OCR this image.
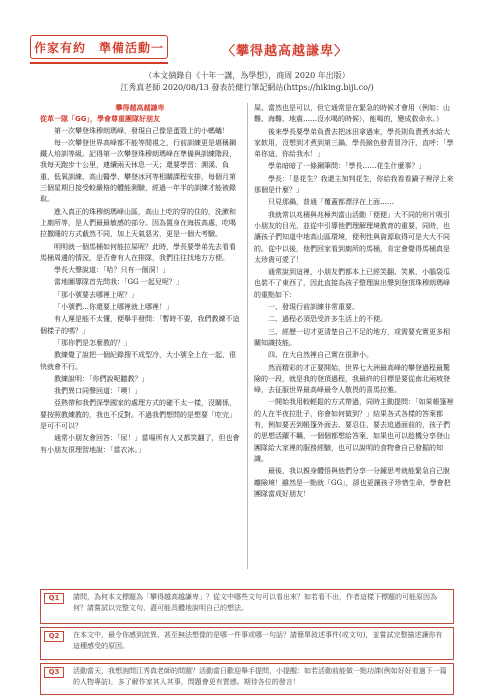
作家有約　準備活動一	〈攀得越高越謙卑〉
（本文摘錄自《十年一講，為學想》，商周 2020 年出版）
江秀真老師 2020/08/13 發表於健行筆記網站(https://hiking.biji.co/)
攀得越高越謙卑
從革一隊「GG」，學會尊重團隊好朋友

第一次攀登珠穆朗瑪峰，發現自己像是蛋殼上的小螞蟻！

每一次攀登世界高峰都不能等閒視之，行前訓練更是堪稱鋼鐵人培訓等級。記得第一次攀登珠穆朗瑪峰在準備與訓練階段，我每天跑步十公里，連續兩天休息一天；還要學習：溯溪、負重、低氧訓練、高山醫學、攀登冰河等相關課程安排，每個月第三個星期日接受較嚴格的體能測驗，經過一年半的訓練才能被錄取。

進入真正的珠穆朗瑪峰山區，高山上吃的穿的住的，洗漱和上廁所等，是人們最最敏感的部分。因為置身在海拔高處，吃喝拉撒睡的方式截然不同，加上天氣惡劣，更是一個大考驗。

明明就一個馬桶如何能拉屎呢？此時，學長要學弟先去看看馬桶周邊的情況，是否會有人在排隊，我們往往找地方方便。

學長大聲說道：「哈？只有一個洞！」

當地圖導隊首先問我：「GG 一起兒呢？」

「那小號要去哪裡上呢？」

「小號們…你還要上哪裡就上哪裡！」

有人遲是能不太懂，便舉手發問：「暫時不要，我們教練不這個樣子的嗎？」

「那你們是怎麼教的？」

教練覺了說把一個紀錄搜不成型冷，大小號全上在一起，很快就會不行。

教練說明：「你們說呢聽教？」

我們異口同聲回道：「噢！」

亞熱帶和我們深學國家的處理方式的確不太一樣，沒關係，要按照教練教的，我也不反對。不過我們想問的是想要「吃完」是可不可以？

通常小朋友會回答：「尿！」當場所有人又都笑翻了，但也會有小朋友很理智地說：「當衣冰。」

屎、當然也是可以，但它通常是在緊急的時候才會用（例如：山難、海難、地震……沒水喝的時候），能喝的，變成救命水。）

後來學長要學弟負責去把冰田拿過來，學長則負責煮水給大家飲用，沒想到才煮到第三鍋，學長臉色發青冒冷汗，直呼：「學弟你這，你給我水！」

學弟暗暗了一條鋼筆問：「學長……花生什麼事？」

學長：「是花生？我還主加判花生，你給我看看鍋子裡浮上來那個是什麼？」

只見那鍋，普通「覆蓋都漂浮在上面……

我就常以兆積與兆極判當山活動「便便」大不同的形片吸引小朋友的目光，並從中引導他們理解理境教育的重要，同時，也讓孩子們知道中地高山區環境，便利性與資源取得可是大大不同的。從中以後，他們回家看到廁所的馬桶，肯定會覺得馬桶真是太珍貴可愛了！

通常說到這裡，小朋友們都本上已經笑翻、笑累，小腦袋瓜也裝不了東西了，因此直接為孩子整理說出聲到登頂珠穆朗瑪峰的重點如下：

一、發現行前訓練非常重要。

二、過程必須恐受許多生活上的不便。

三、經歷一切才更清楚自己不足的地方，或需要充實更多相關知識技能。

四、在大自然裡自己實在很渺小。

然而精彩的才正要開始，世界七大洲最高峰的攀登過程最驚險的一段，就是我的登頂過程，我最終的目標是要從南北兩坡登峰，去征服世界最高峰最令人敬畏的喜馬拉雅。

一開始我用較輕鬆的方式帶過，同時主動提問：「如果帳篷裡的人在半夜拉肚子，你會如何做到？」結果各式各樣的答案都有，例如要丟到帳篷外面去、要忍住、要去追過面前的，孩子們的思想活躍不羈，一個個都想給答案，如果也可以趁機分享登山團隊給大家裡的服務經驗，也可以說明的食物會自己發掘的知識。

最後，我以親身體悟與他們分享一分鐘思考就能緊急自己脫離險境！雖然是一點就「GG」，卻也更讓孩子珍惜生命，學會把團隊當成好朋友！

Q1	請問，為何本文標題為「攀得越高越謙卑」？從文中哪些文句可以看出來？如若看不出，作者這樣下標題的可能原因為何？請嘗試以完整文句、盡可能具體地說明自己的想法。
Q2	在本文中，最令你感到詫異、甚至無法想像的是哪一件事或哪一句話？請簡單敘述事件(或文句)，並嘗試完整描述讓你有這種感受的原因。
Q3	活動當天，我想詢問江秀真老師的問題？活動當日歡迎舉手提問，小提醒：如若活動前能做一點功課(例如好好看過下一篇的人物專訪)，多了解作家其人其事，問題會更有質感。期待各位的發言！
